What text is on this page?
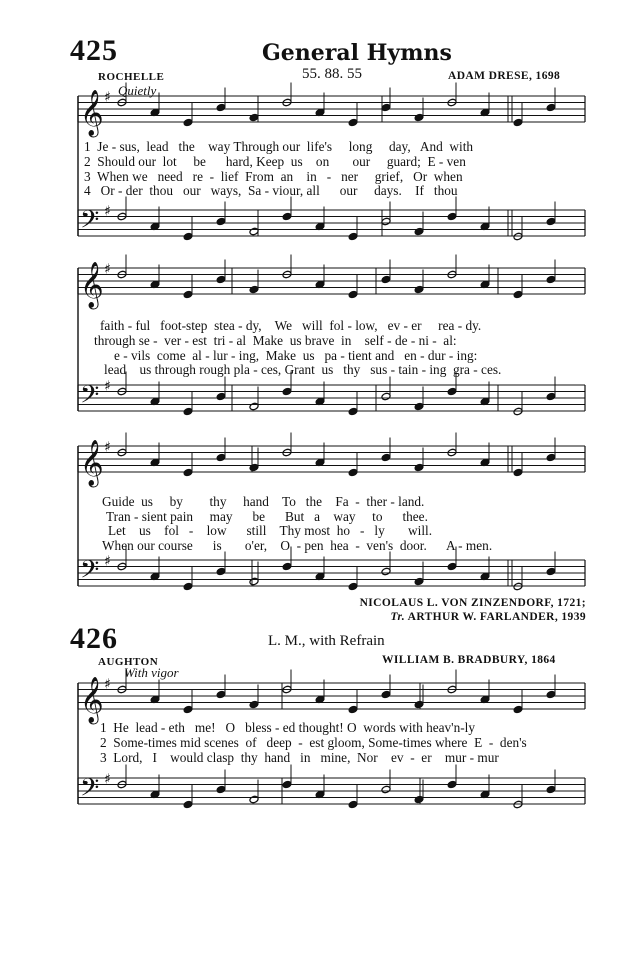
425	General Hymns
ROCHELLE	55. 88. 55	ADAM DRESE, 1698
Quietly
𝄞 ♯
𝄢 ♯
𝄞 ♯
𝄢 ♯
𝄞 ♯
𝄢 ♯
𝄞 ♯
𝄢 ♯
1  Je - sus,  lead   the    way Through our  life's     long     day,   And  with
2  Should our  lot     be      hard, Keep  us    on       our     guard;  E - ven
3  When we   need   re  -  lief  From  an    in   -   ner     grief,   Or  when
4   Or - der  thou   our   ways,  Sa - viour, all      our     days.    If   thou
faith - ful   foot-step  stea - dy,    We   will  fol - low,   ev - er     rea - dy.
through se -  ver - est  tri - al  Make  us brave  in    self - de - ni -  al:
e - vils  come  al - lur - ing,  Make  us   pa - tient and   en - dur - ing:
lead    us through rough pla - ces, Grant  us   thy   sus - tain - ing  gra - ces.
Guide  us     by        thy     hand    To   the    Fa  -  ther - land.
Tran - sient pain     may      be      But   a    way     to      thee.
Let    us    fol   -    low      still    Thy most  ho   -   ly       will.
When our course      is       o'er,    O  - pen  hea  -  ven's  door.      A - men.
NICOLAUS L. VON ZINZENDORF, 1721;
Tr. ARTHUR W. FARLANDER, 1939
426	L. M., with Refrain
AUGHTON	WILLIAM B. BRADBURY, 1864
With vigor
1  He  lead - eth   me!   O   bless - ed thought! O  words with heav'n-ly
2  Some-times mid scenes  of   deep  -  est gloom, Some-times where  E  -  den's
3  Lord,   I    would clasp  thy  hand   in   mine,  Nor    ev  -  er    mur - mur
